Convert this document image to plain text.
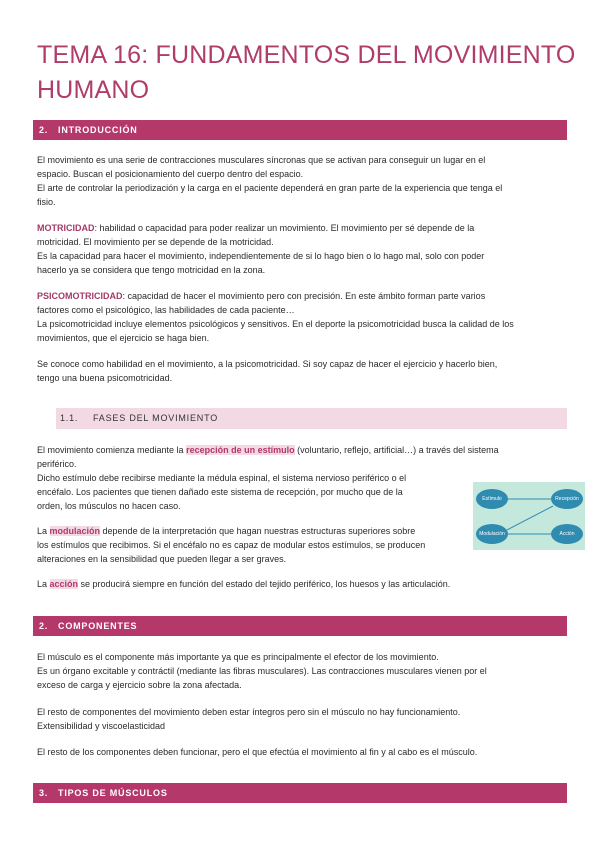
TEMA 16: FUNDAMENTOS DEL MOVIMIENTO
HUMANO
2. INTRODUCCIÓN
El movimiento es una serie de contracciones musculares síncronas que se activan para conseguir un lugar en el
espacio. Buscan el posicionamiento del cuerpo dentro del espacio.
El arte de controlar la periodización y la carga en el paciente dependerá en gran parte de la experiencia que tenga el
fisio.
MOTRICIDAD: habilidad o capacidad para poder realizar un movimiento. El movimiento per sé depende de la
motricidad. El movimiento per se depende de la motricidad.
Es la capacidad para hacer el movimiento, independientemente de si lo hago bien o lo hago mal, solo con poder
hacerlo ya se considera que tengo motricidad en la zona.
PSICOMOTRICIDAD: capacidad de hacer el movimiento pero con precisión. En este ámbito forman parte varios
factores como el psicológico, las habilidades de cada paciente…
La psicomotricidad incluye elementos psicológicos y sensitivos. En el deporte la psicomotricidad busca la calidad de los
movimientos, que el ejercicio se haga bien.
Se conoce como habilidad en el movimiento, a la psicomotricidad. Si soy capaz de hacer el ejercicio y hacerlo bien,
tengo una buena psicomotricidad.
1.1. FASES DEL MOVIMIENTO
El movimiento comienza mediante la recepción de un estímulo (voluntario, reflejo, artificial…) a través del sistema
periférico.
Dicho estímulo debe recibirse mediante la médula espinal, el sistema nervioso periférico o el
encéfalo. Los pacientes que tienen dañado este sistema de recepción, por mucho que de la
orden, los músculos no hacen caso.
La modulación depende de la interpretación que hagan nuestras estructuras superiores sobre
los estímulos que recibimos. Si el encéfalo no es capaz de modular estos estímulos, se producen
alteraciones en la sensibilidad que pueden llegar a ser graves.
La acción se producirá siempre en función del estado del tejido periférico, los huesos y las articulación.
Estímulo	Recepción
Modulación	Acción
2. COMPONENTES
El músculo es el componente más importante ya que es principalmente el efector de los movimiento.
Es un órgano excitable y contráctil (mediante las fibras musculares). Las contracciones musculares vienen por el
exceso de carga y ejercicio sobre la zona afectada.
El resto de componentes del movimiento deben estar íntegros pero sin el músculo no hay funcionamiento.
Extensibilidad y viscoelasticidad
El resto de los componentes deben funcionar, pero el que efectúa el movimiento al fin y al cabo es el músculo.
3. TIPOS DE MÚSCULOS
